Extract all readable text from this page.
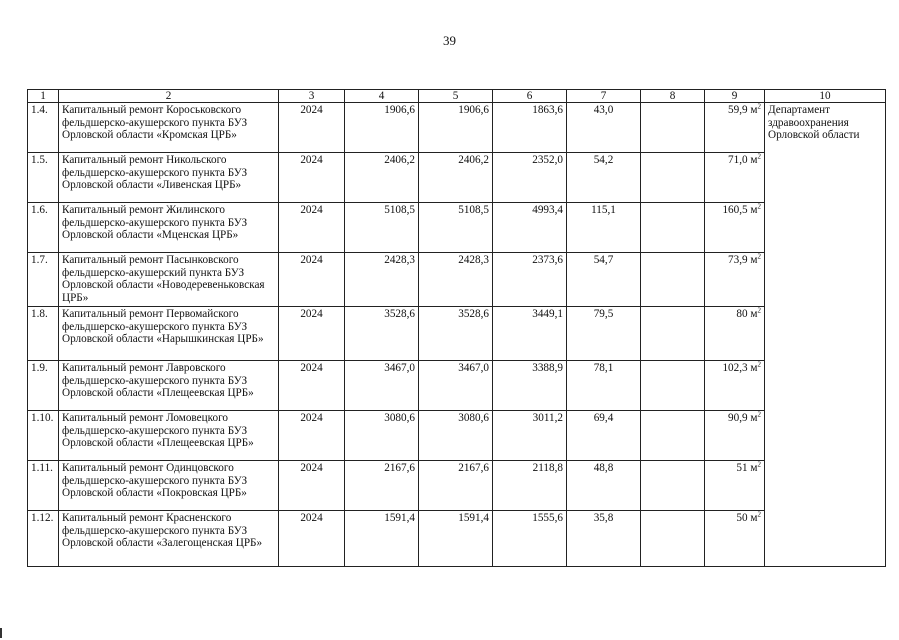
39
1	2	3	4	5	6	7	8	9	10
1.4.	Капитальный ремонт Короськовского фельдшерско-акушерского пункта БУЗ Орловской области «Кромская ЦРБ»	2024	1906,6	1906,6	1863,6	43,0		59,9 $м^2$	Департамент здравоохранения Орловской области
1.5.	Капитальный ремонт Никольского фельдшерско-акушерского пункта БУЗ Орловской области «Ливенская ЦРБ»	2024	2406,2	2406,2	2352,0	54,2		71,0 $м^2$	
1.6.	Капитальный ремонт Жилинского фельдшерско-акушерского пункта БУЗ Орловской области «Мценская ЦРБ»	2024	5108,5	5108,5	4993,4	115,1		160,5 $м^2$	
1.7.	Капитальный ремонт Пасынковского фельдшерско-акушерский пункта БУЗ Орловской области «Новодеревеньковская ЦРБ»	2024	2428,3	2428,3	2373,6	54,7		73,9 $м^2$	
1.8.	Капитальный ремонт Первомайского фельдшерско-акушерского пункта БУЗ Орловской области «Нарышкинская ЦРБ»	2024	3528,6	3528,6	3449,1	79,5		80 $м^2$	
1.9.	Капитальный ремонт Лавровского фельдшерско-акушерского пункта БУЗ Орловской области «Плещеевская ЦРБ»	2024	3467,0	3467,0	3388,9	78,1		102,3 $м^2$	
1.10.	Капитальный ремонт Ломовецкого фельдшерско-акушерского пункта БУЗ Орловской области «Плещеевская ЦРБ»	2024	3080,6	3080,6	3011,2	69,4		90,9 $м^2$	
1.11.	Капитальный ремонт Одинцовского фельдшерско-акушерского пункта БУЗ Орловской области «Покровская ЦРБ»	2024	2167,6	2167,6	2118,8	48,8		51 $м^2$	
1.12.	Капитальный ремонт Красненского фельдшерско-акушерского пункта БУЗ Орловской области «Залегощенская ЦРБ»	2024	1591,4	1591,4	1555,6	35,8		50 $м^2$	
